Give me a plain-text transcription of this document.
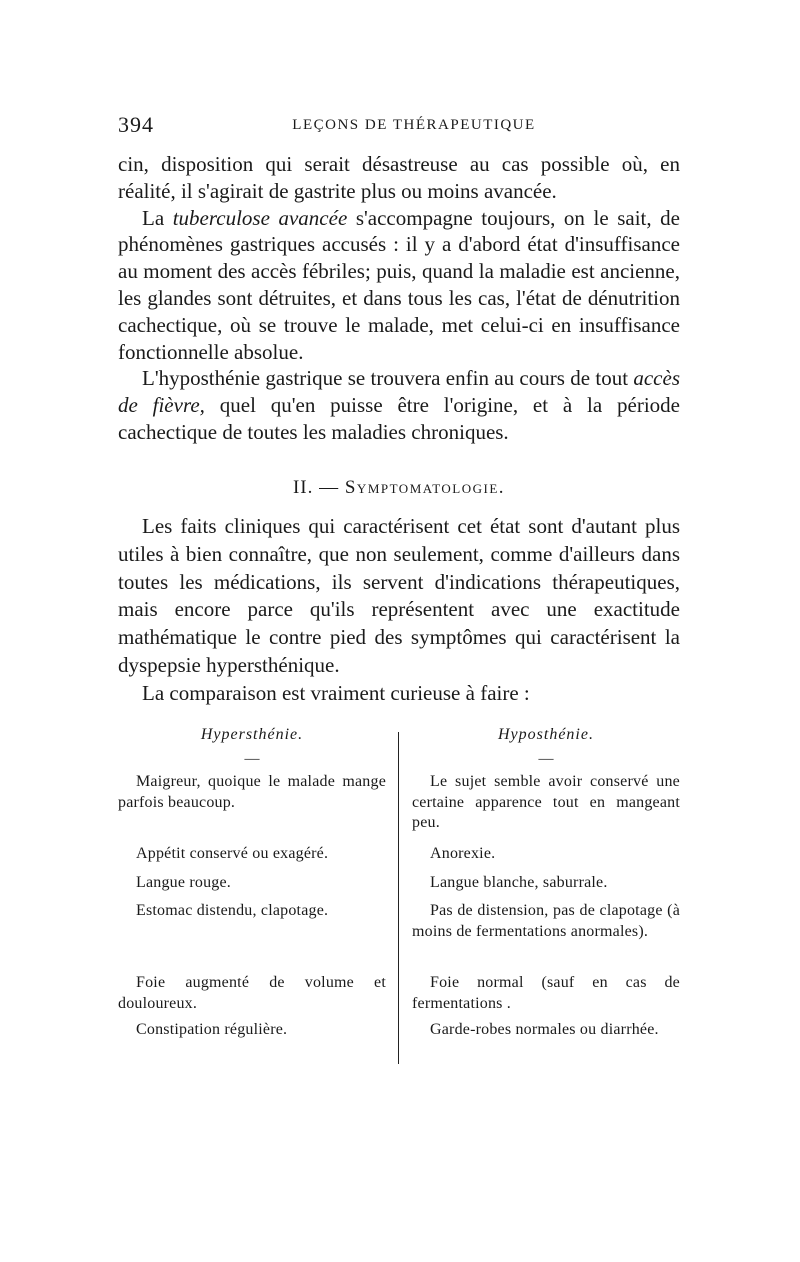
394	LEÇONS DE THÉRAPEUTIQUE

cin, disposition qui serait désastreuse au cas possible où, en réalité, il s'agirait de gastrite plus ou moins avancée.

La tuberculose avancée s'accompagne toujours, on le sait, de phénomènes gastriques accusés : il y a d'abord état d'insuffisance au moment des accès fébriles; puis, quand la maladie est ancienne, les glandes sont détruites, et dans tous les cas, l'état de dénutrition cachectique, où se trouve le malade, met celui-ci en insuffisance fonctionnelle absolue.

L'hyposthénie gastrique se trouvera enfin au cours de tout accès de fièvre, quel qu'en puisse être l'origine, et à la période cachectique de toutes les maladies chroniques.

II. — Symptomatologie.

Les faits cliniques qui caractérisent cet état sont d'autant plus utiles à bien connaître, que non seulement, comme d'ailleurs dans toutes les médications, ils servent d'indications thérapeutiques, mais encore parce qu'ils représentent avec une exactitude mathématique le contre pied des symptômes qui caractérisent la dyspepsie hypersthénique.

La comparaison est vraiment curieuse à faire :

Hypersthénie.
—
Maigreur, quoique le malade mange parfois beaucoup.
Appétit conservé ou exagéré.
Langue rouge.
Estomac distendu, clapotage.
Foie augmenté de volume et douloureux.
Constipation régulière.
Hyposthénie.
—
Le sujet semble avoir conservé une certaine apparence tout en mangeant peu.
Anorexie.
Langue blanche, saburrale.
Pas de distension, pas de clapotage (à moins de fermentations anormales).
Foie normal (sauf en cas de fermentations .
Garde-robes normales ou diarrhée.
